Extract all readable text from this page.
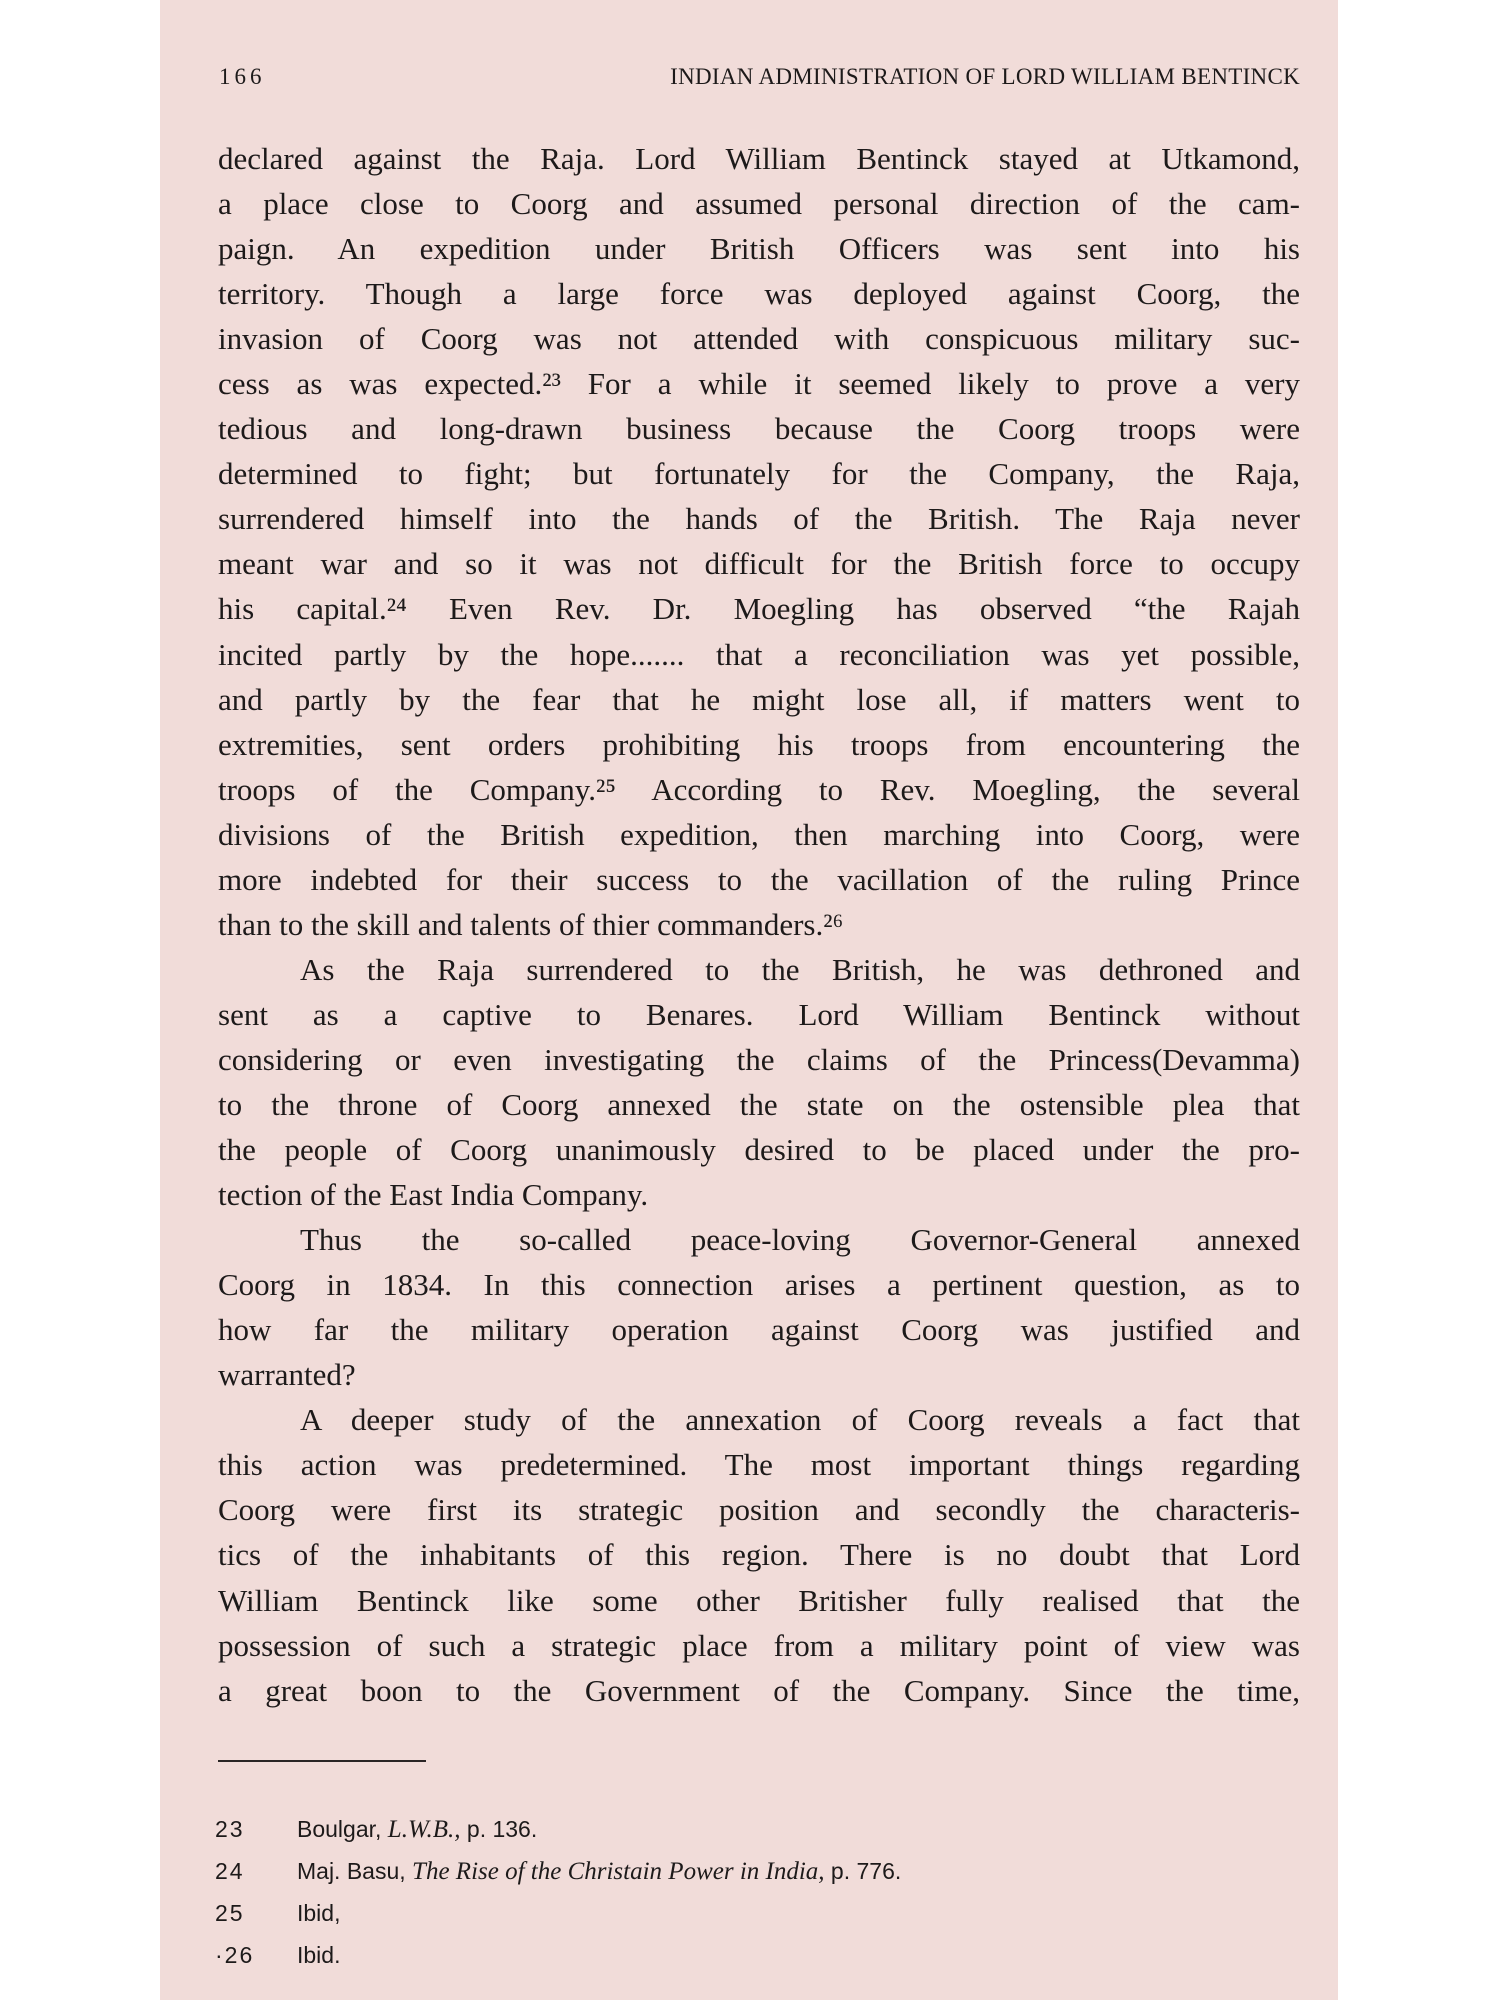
166	INDIAN ADMINISTRATION OF LORD WILLIAM BENTINCK
declared against the Raja. Lord William Bentinck stayed at Utkamond,
a place close to Coorg and assumed personal direction of the cam-
paign. An expedition under British Officers was sent into his
territory. Though a large force was deployed against Coorg, the
invasion of Coorg was not attended with conspicuous military suc-
cess as was expected.²³ For a while it seemed likely to prove a very
tedious and long-drawn business because the Coorg troops were
determined to fight; but fortunately for the Company, the Raja,
surrendered himself into the hands of the British. The Raja never
meant war and so it was not difficult for the British force to occupy
his capital.²⁴ Even Rev. Dr. Moegling has observed “the Rajah
incited partly by the hope....... that a reconciliation was yet possible,
and partly by the fear that he might lose all, if matters went to
extremities, sent orders prohibiting his troops from encountering the
troops of the Company.²⁵ According to Rev. Moegling, the several
divisions of the British expedition, then marching into Coorg, were
more indebted for their success to the vacillation of the ruling Prince
than to the skill and talents of thier commanders.²⁶
As the Raja surrendered to the British, he was dethroned and
sent as a captive to Benares. Lord William Bentinck without
considering or even investigating the claims of the Princess(Devamma)
to the throne of Coorg annexed the state on the ostensible plea that
the people of Coorg unanimously desired to be placed under the pro-
tection of the East India Company.
Thus the so-called peace-loving Governor-General annexed
Coorg in 1834. In this connection arises a pertinent question, as to
how far the military operation against Coorg was justified and
warranted?
A deeper study of the annexation of Coorg reveals a fact that
this action was predetermined. The most important things regarding
Coorg were first its strategic position and secondly the characteris-
tics of the inhabitants of this region. There is no doubt that Lord
William Bentinck like some other Britisher fully realised that the
possession of such a strategic place from a military point of view was
a great boon to the Government of the Company. Since the time,
23 Boulgar, L.W.B., p. 136.
24 Maj. Basu, The Rise of the Christain Power in India, p. 776.
25 Ibid,
·26 Ibid.
